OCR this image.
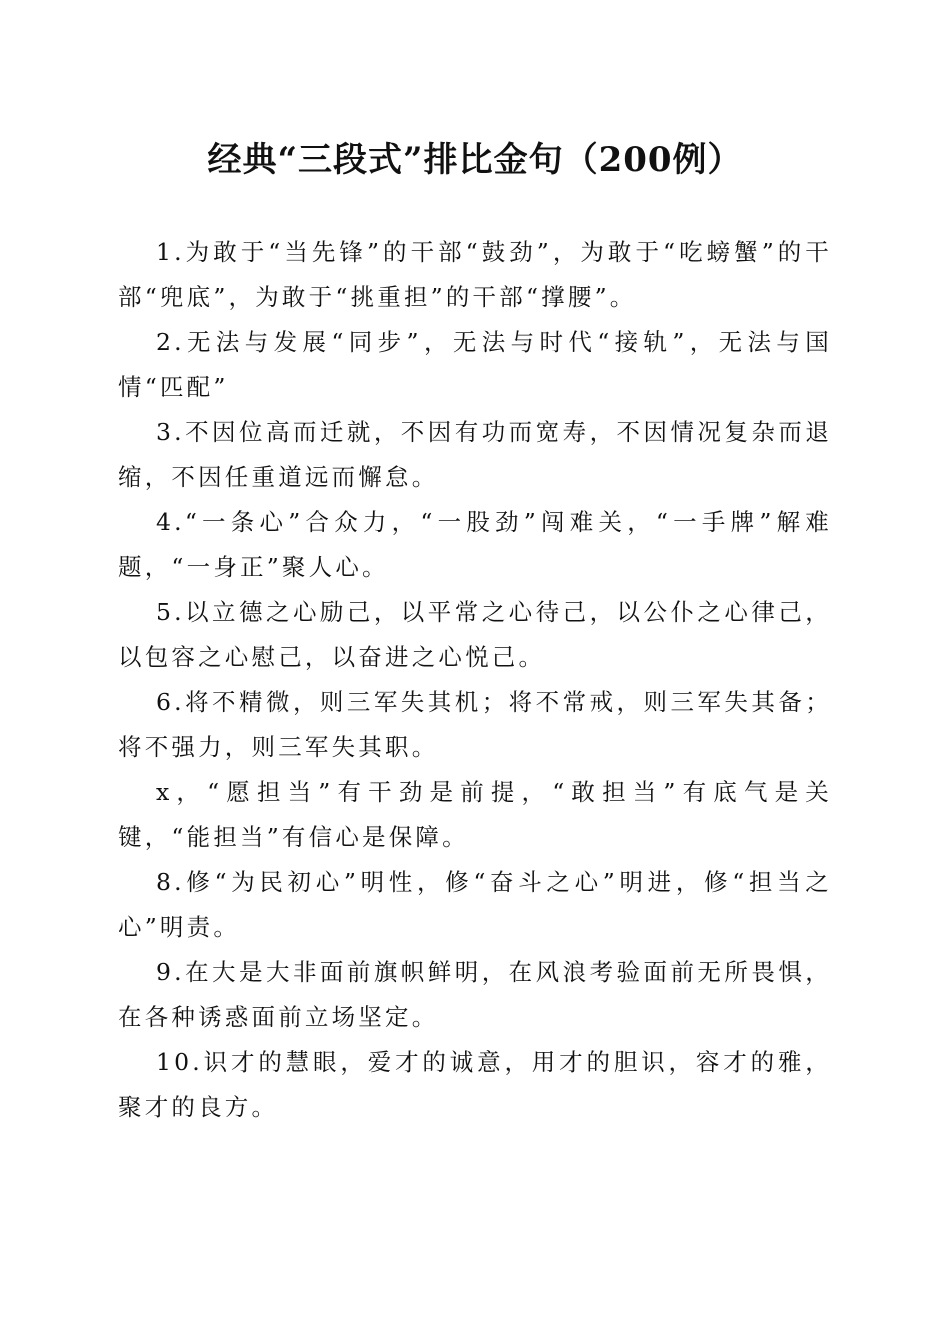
经典“三段式”排比金句（200例）

1.为敢于“当先锋”的干部“鼓劲”，为敢于“吃螃蟹”的干部“兜底”，为敢于“挑重担”的干部“撑腰”。

2.无法与发展“同步”，无法与时代“接轨”，无法与国情“匹配”

3.不因位高而迁就，不因有功而宽寿，不因情况复杂而退缩，不因任重道远而懈怠。

4.“一条心”合众力，“一股劲”闯难关，“一手牌”解难题，“一身正”聚人心。

5.以立德之心励己，以平常之心待己，以公仆之心律己，以包容之心慰己，以奋进之心悦己。

6.将不精微，则三军失其机；将不常戒，则三军失其备；将不强力，则三军失其职。

x，“愿担当”有干劲是前提，“敢担当”有底气是关键，“能担当”有信心是保障。

8.修“为民初心”明性，修“奋斗之心”明进，修“担当之心”明责。

9.在大是大非面前旗帜鲜明，在风浪考验面前无所畏惧，在各种诱惑面前立场坚定。

10.识才的慧眼，爱才的诚意，用才的胆识，容才的雅，聚才的良方。
